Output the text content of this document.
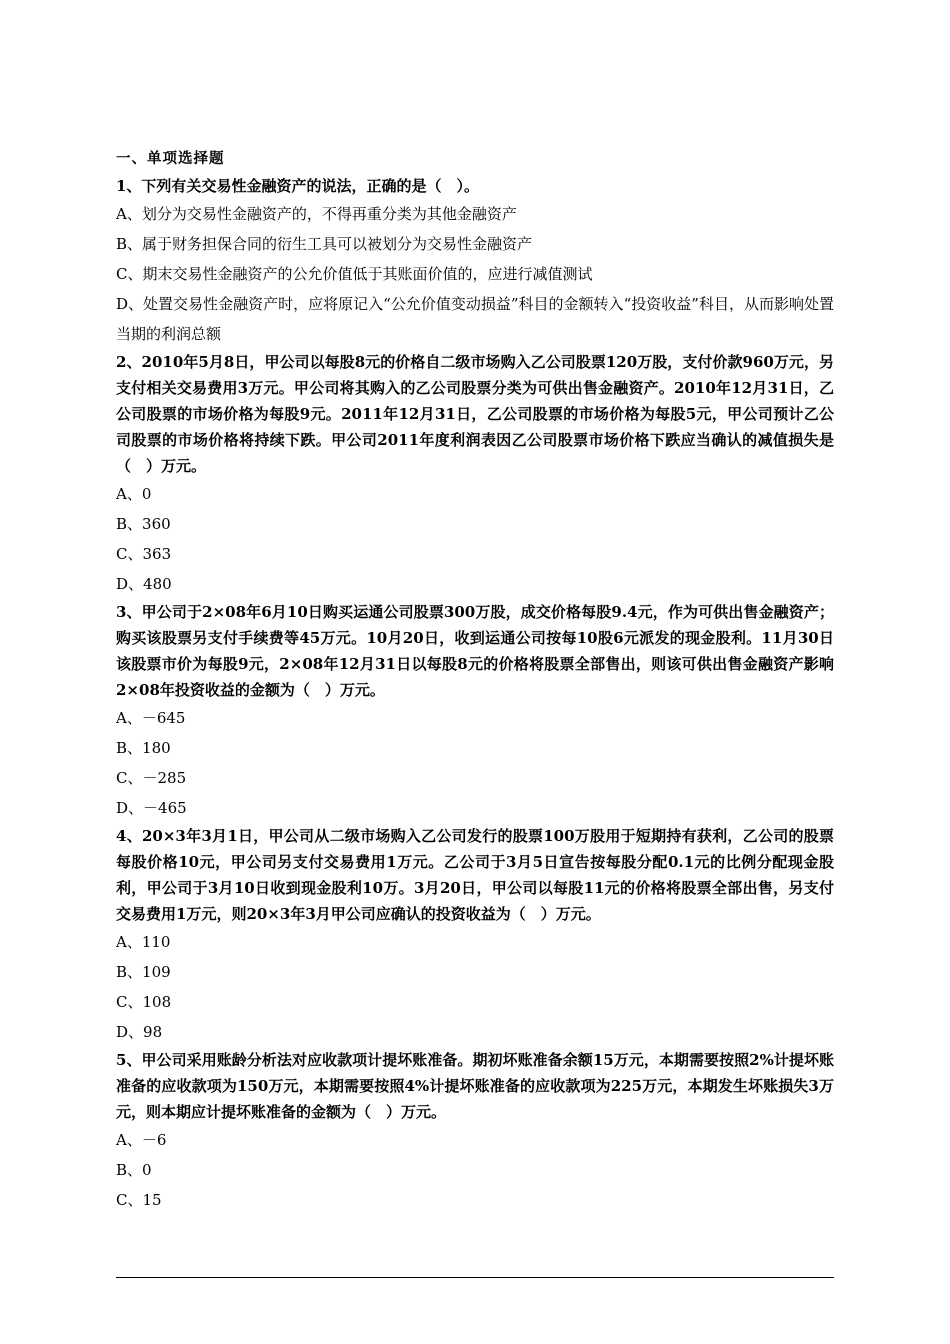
一、单项选择题

1、下列有关交易性金融资产的说法，正确的是（　）。

A、划分为交易性金融资产的，不得再重分类为其他金融资产

B、属于财务担保合同的衍生工具可以被划分为交易性金融资产

C、期末交易性金融资产的公允价值低于其账面价值的，应进行减值测试

D、处置交易性金融资产时，应将原记入“公允价值变动损益”科目的金额转入“投资收益”科目，从而影响处置当期的利润总额

2、2010年5月8日，甲公司以每股8元的价格自二级市场购入乙公司股票120万股，支付价款960万元，另支付相关交易费用3万元。甲公司将其购入的乙公司股票分类为可供出售金融资产。2010年12月31日，乙公司股票的市场价格为每股9元。2011年12月31日，乙公司股票的市场价格为每股5元，甲公司预计乙公司股票的市场价格将持续下跌。甲公司2011年度利润表因乙公司股票市场价格下跌应当确认的减值损失是（　）万元。

A、0

B、360

C、363

D、480

3、甲公司于2×08年6月10日购买运通公司股票300万股，成交价格每股9.4元，作为可供出售金融资产；购买该股票另支付手续费等45万元。10月20日，收到运通公司按每10股6元派发的现金股利。11月30日该股票市价为每股9元，2×08年12月31日以每股8元的价格将股票全部售出，则该可供出售金融资产影响2×08年投资收益的金额为（　）万元。

A、－645

B、180

C、－285

D、－465

4、20×3年3月1日，甲公司从二级市场购入乙公司发行的股票100万股用于短期持有获利，乙公司的股票每股价格10元，甲公司另支付交易费用1万元。乙公司于3月5日宣告按每股分配0.1元的比例分配现金股利，甲公司于3月10日收到现金股利10万。3月20日，甲公司以每股11元的价格将股票全部出售，另支付交易费用1万元，则20×3年3月甲公司应确认的投资收益为（　）万元。

A、110

B、109

C、108

D、98

5、甲公司采用账龄分析法对应收款项计提坏账准备。期初坏账准备余额15万元，本期需要按照2%计提坏账准备的应收款项为150万元，本期需要按照4%计提坏账准备的应收款项为225万元，本期发生坏账损失3万元，则本期应计提坏账准备的金额为（　）万元。

A、－6

B、0

C、15
